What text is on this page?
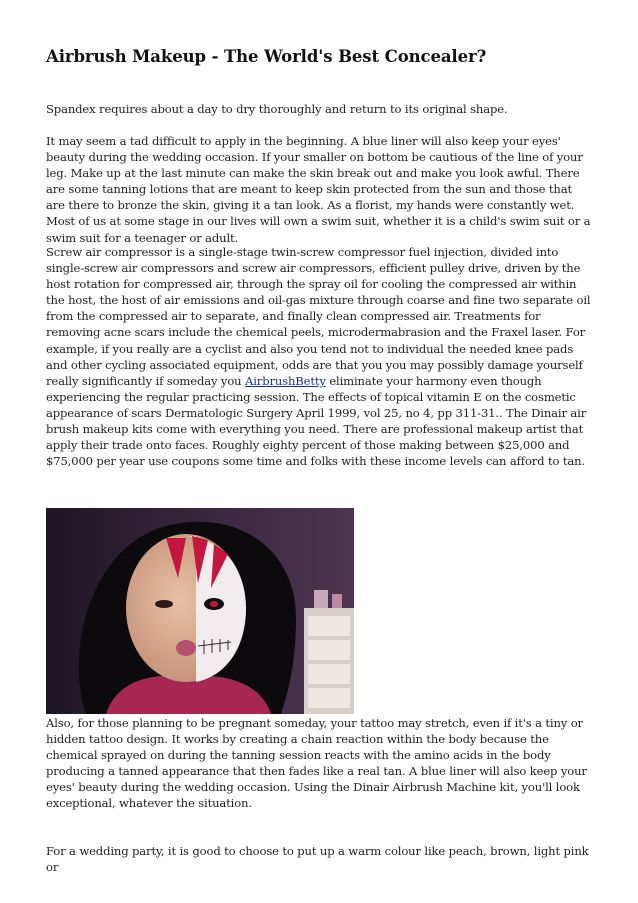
Airbrush Makeup - The World's Best Concealer?

Spandex requires about a day to dry thoroughly and return to its original shape.

It may seem a tad difficult to apply in the beginning. A blue liner will also keep your eyes' beauty during the wedding occasion. If your smaller on bottom be cautious of the line of your leg. Make up at the last minute can make the skin break out and make you look awful. There are some tanning lotions that are meant to keep skin protected from the sun and those that are there to bronze the skin, giving it a tan look. As a florist, my hands were constantly wet. Most of us at some stage in our lives will own a swim suit, whether it is a child's swim suit or a swim suit for a teenager or adult.

Screw air compressor is a single-stage twin-screw compressor fuel injection, divided into single-screw air compressors and screw air compressors, efficient pulley drive, driven by the host rotation for compressed air, through the spray oil for cooling the compressed air within the host, the host of air emissions and oil-gas mixture through coarse and fine two separate oil from the compressed air to separate, and finally clean compressed air. Treatments for removing acne scars include the chemical peels, microdermabrasion and the Fraxel laser. For example, if you really are a cyclist and also you tend not to individual the needed knee pads and other cycling associated equipment, odds are that you you may possibly damage yourself really significantly if someday you AirbrushBetty eliminate your harmony even though experiencing the regular practicing session. The effects of topical vitamin E on the cosmetic appearance of scars Dermatologic Surgery April 1999, vol 25, no 4, pp 311-31.. The Dinair air brush makeup kits come with everything you need. There are professional makeup artist that apply their trade onto faces. Roughly eighty percent of those making between $25,000 and $75,000 per year use coupons some time and folks with these income levels can afford to tan.

Also, for those planning to be pregnant someday, your tattoo may stretch, even if it's a tiny or hidden tattoo design. It works by creating a chain reaction within the body because the chemical sprayed on during the tanning session reacts with the amino acids in the body producing a tanned appearance that then fades like a real tan. A blue liner will also keep your eyes' beauty during the wedding occasion. Using the Dinair Airbrush Machine kit, you'll look exceptional, whatever the situation.

For a wedding party, it is good to choose to put up a warm colour like peach, brown, light pink or
